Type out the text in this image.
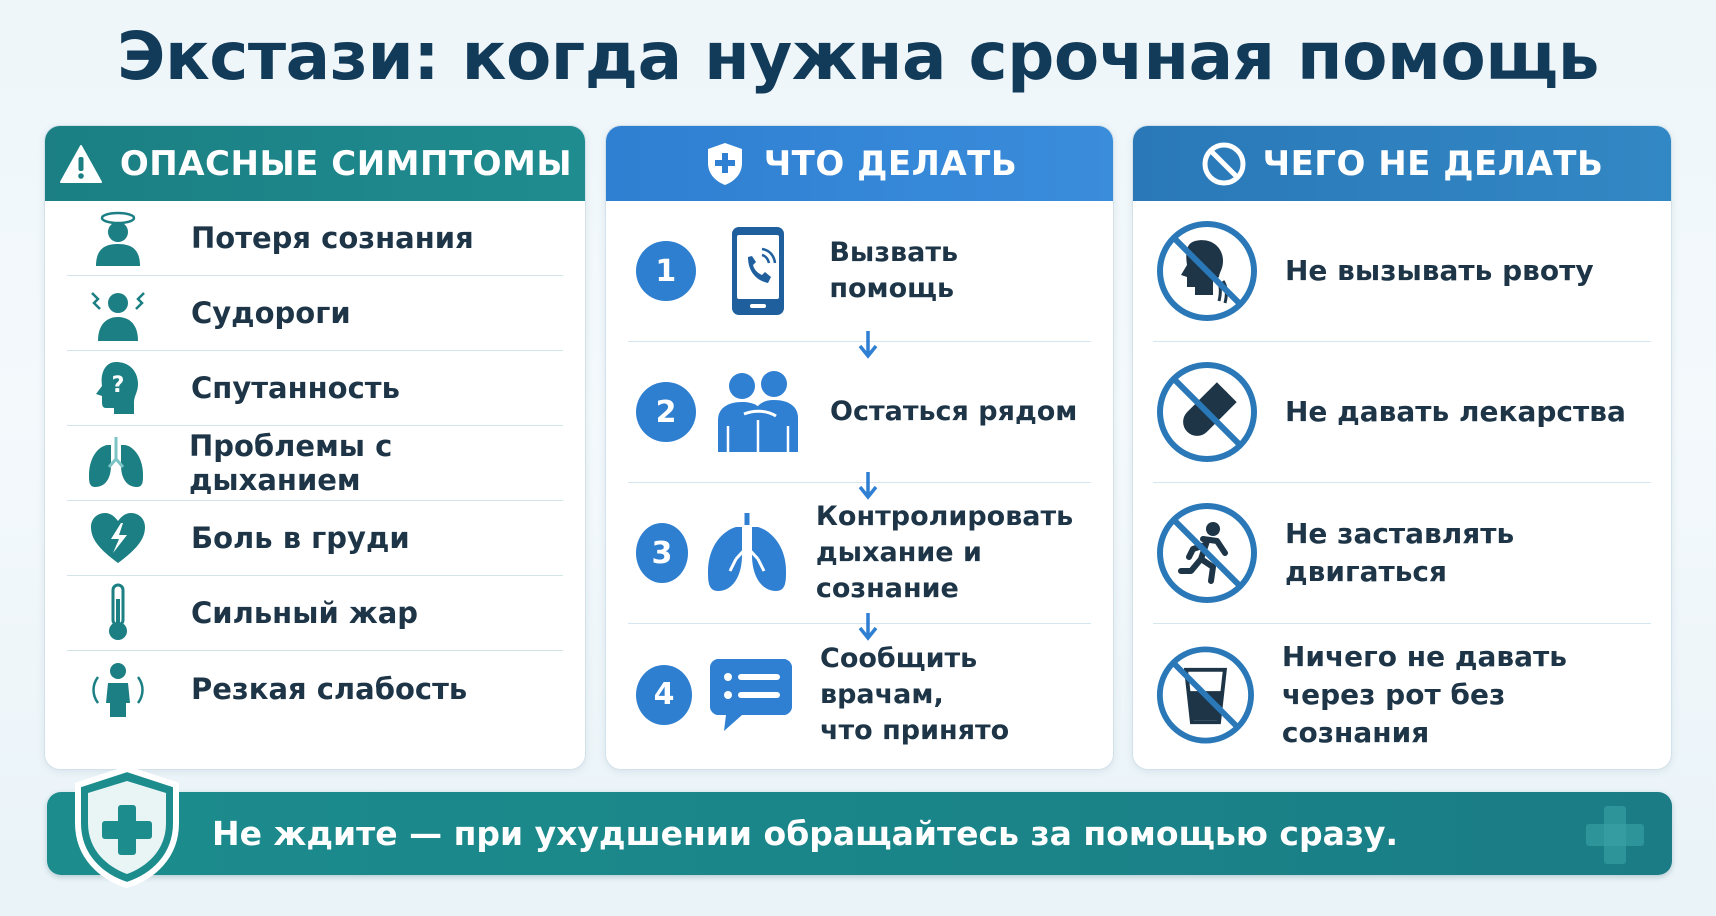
Экстази: когда нужна срочная помощь
ОПАСНЫЕ СИМПТОМЫ
Потеря сознания
Судороги
? Спутанность
Проблемы с дыханием
Боль в груди
Сильный жар
Резкая слабость
ЧТО ДЕЛАТЬ
1
Вызвать помощь
2	Остаться рядом
3
Контролировать
дыхание и сознание
4
Сообщить врачам,
что принято
ЧЕГО НЕ ДЕЛАТЬ
Не вызывать рвоту
Не давать лекарства
Не заставлять
двигаться
Ничего не давать
через рот без сознания
Не ждите — при ухудшении обращайтесь за помощью сразу.
